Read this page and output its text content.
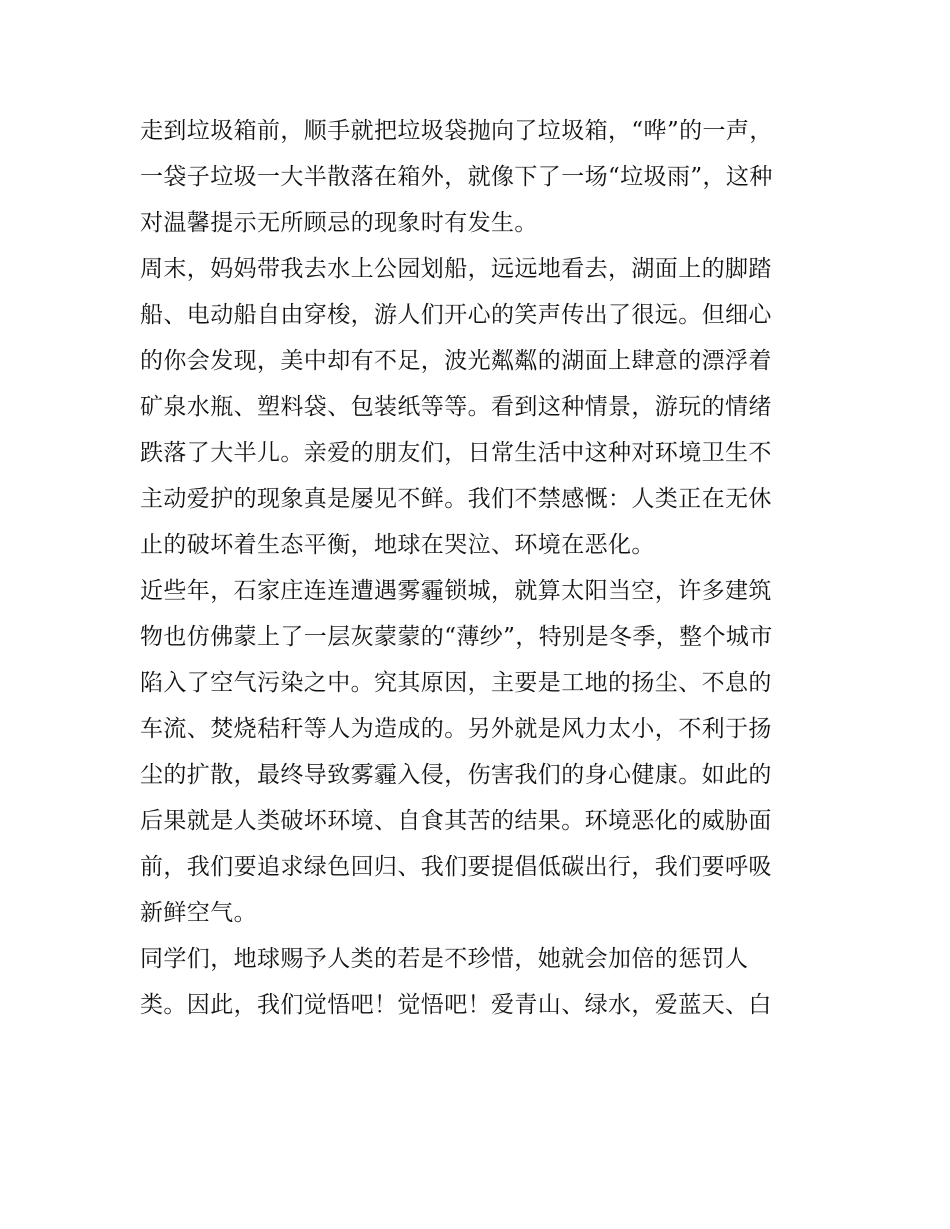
走到垃圾箱前，顺手就把垃圾袋抛向了垃圾箱，“哗”的一声，
一袋子垃圾一大半散落在箱外，就像下了一场“垃圾雨”，这种
对温馨提示无所顾忌的现象时有发生。
周末，妈妈带我去水上公园划船，远远地看去，湖面上的脚踏
船、电动船自由穿梭，游人们开心的笑声传出了很远。但细心
的你会发现，美中却有不足，波光粼粼的湖面上肆意的漂浮着
矿泉水瓶、塑料袋、包装纸等等。看到这种情景，游玩的情绪
跌落了大半儿。亲爱的朋友们，日常生活中这种对环境卫生不
主动爱护的现象真是屡见不鲜。我们不禁感慨：人类正在无休
止的破坏着生态平衡，地球在哭泣、环境在恶化。
近些年，石家庄连连遭遇雾霾锁城，就算太阳当空，许多建筑
物也仿佛蒙上了一层灰蒙蒙的“薄纱”，特别是冬季，整个城市
陷入了空气污染之中。究其原因，主要是工地的扬尘、不息的
车流、焚烧秸秆等人为造成的。另外就是风力太小，不利于扬
尘的扩散，最终导致雾霾入侵，伤害我们的身心健康。如此的
后果就是人类破坏环境、自食其苦的结果。环境恶化的威胁面
前，我们要追求绿色回归、我们要提倡低碳出行，我们要呼吸
新鲜空气。
同学们，地球赐予人类的若是不珍惜，她就会加倍的惩罚人
类。因此，我们觉悟吧！觉悟吧！爱青山、绿水，爱蓝天、白
